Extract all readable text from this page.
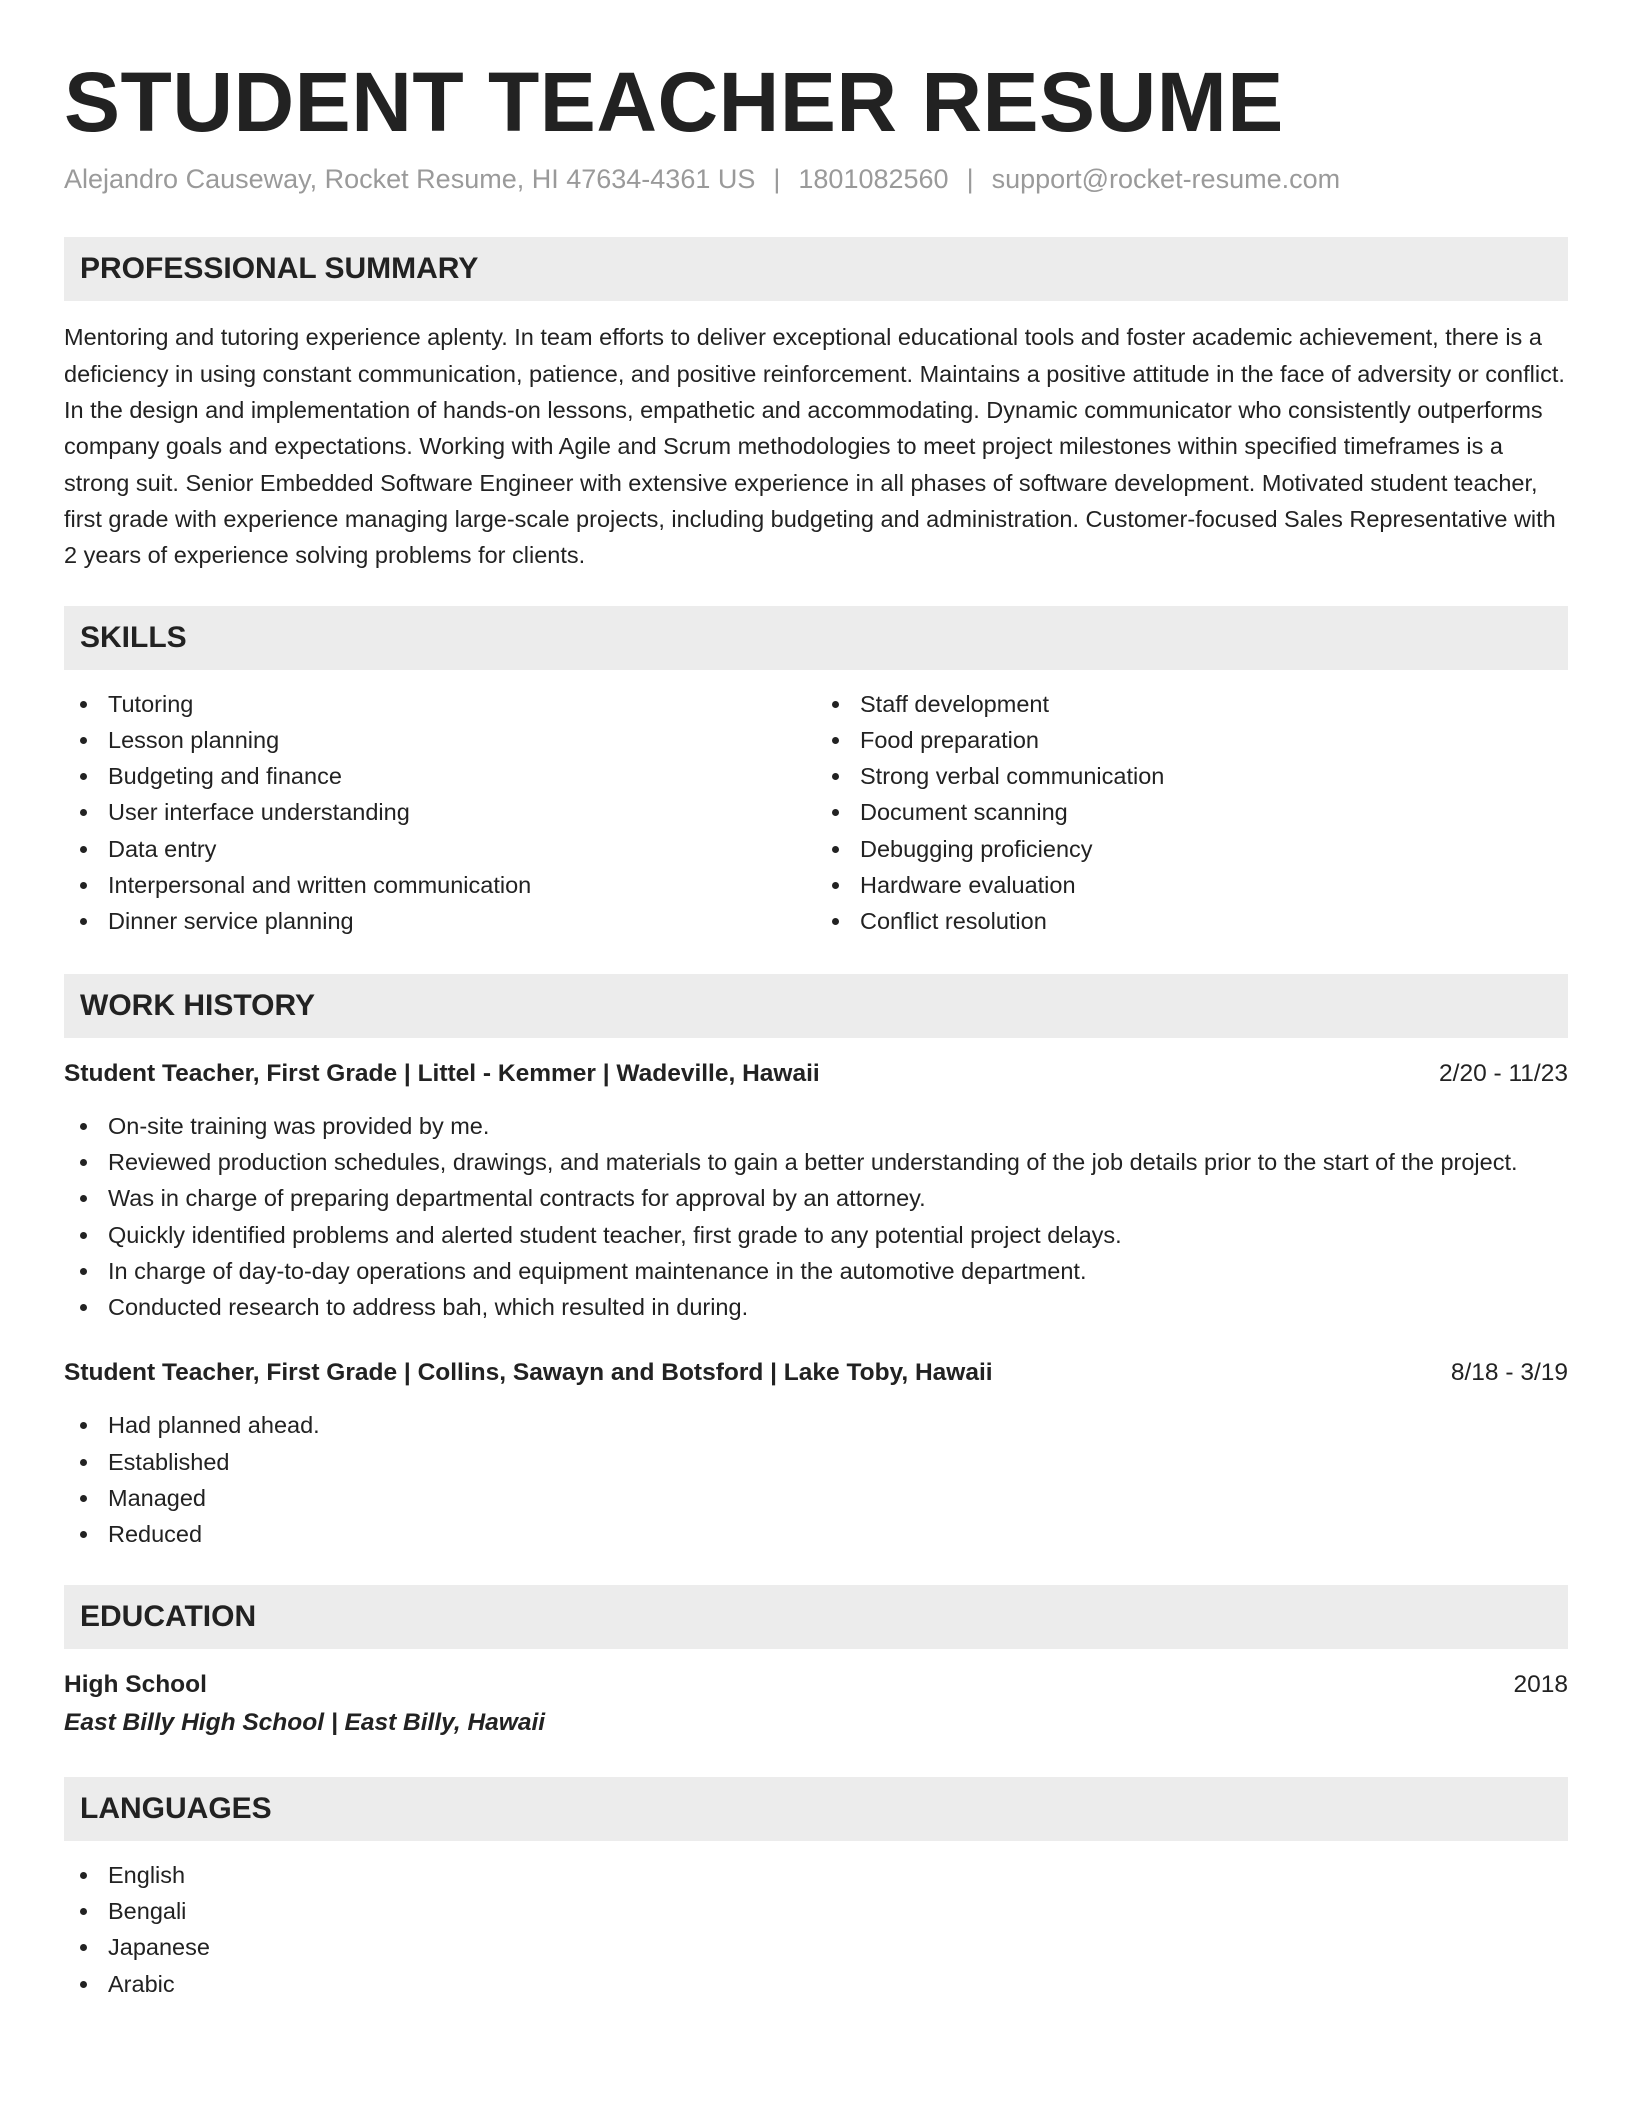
STUDENT TEACHER RESUME
Alejandro Causeway, Rocket Resume, HI 47634-4361 US | 1801082560 | support@rocket-resume.com
PROFESSIONAL SUMMARY

Mentoring and tutoring experience aplenty. In team efforts to deliver exceptional educational tools and foster academic achievement, there is a deficiency in using constant communication, patience, and positive reinforcement. Maintains a positive attitude in the face of adversity or conflict. In the design and implementation of hands-on lessons, empathetic and accommodating. Dynamic communicator who consistently outperforms company goals and expectations. Working with Agile and Scrum methodologies to meet project milestones within specified timeframes is a strong suit. Senior Embedded Software Engineer with extensive experience in all phases of software development. Motivated student teacher, first grade with experience managing large-scale projects, including budgeting and administration. Customer-focused Sales Representative with 2 years of experience solving problems for clients.

SKILLS
Tutoring
Lesson planning
Budgeting and finance
User interface understanding
Data entry
Interpersonal and written communication
Dinner service planning
Staff development
Food preparation
Strong verbal communication
Document scanning
Debugging proficiency
Hardware evaluation
Conflict resolution
WORK HISTORY
Student Teacher, First Grade | Littel - Kemmer | Wadeville, Hawaii	2/20 - 11/23
On-site training was provided by me.
Reviewed production schedules, drawings, and materials to gain a better understanding of the job details prior to the start of the project.
Was in charge of preparing departmental contracts for approval by an attorney.
Quickly identified problems and alerted student teacher, first grade to any potential project delays.
In charge of day-to-day operations and equipment maintenance in the automotive department.
Conducted research to address bah, which resulted in during.
Student Teacher, First Grade | Collins, Sawayn and Botsford | Lake Toby, Hawaii	8/18 - 3/19
Had planned ahead.
Established
Managed
Reduced
EDUCATION
High School	2018
East Billy High School | East Billy, Hawaii
LANGUAGES
English
Bengali
Japanese
Arabic
